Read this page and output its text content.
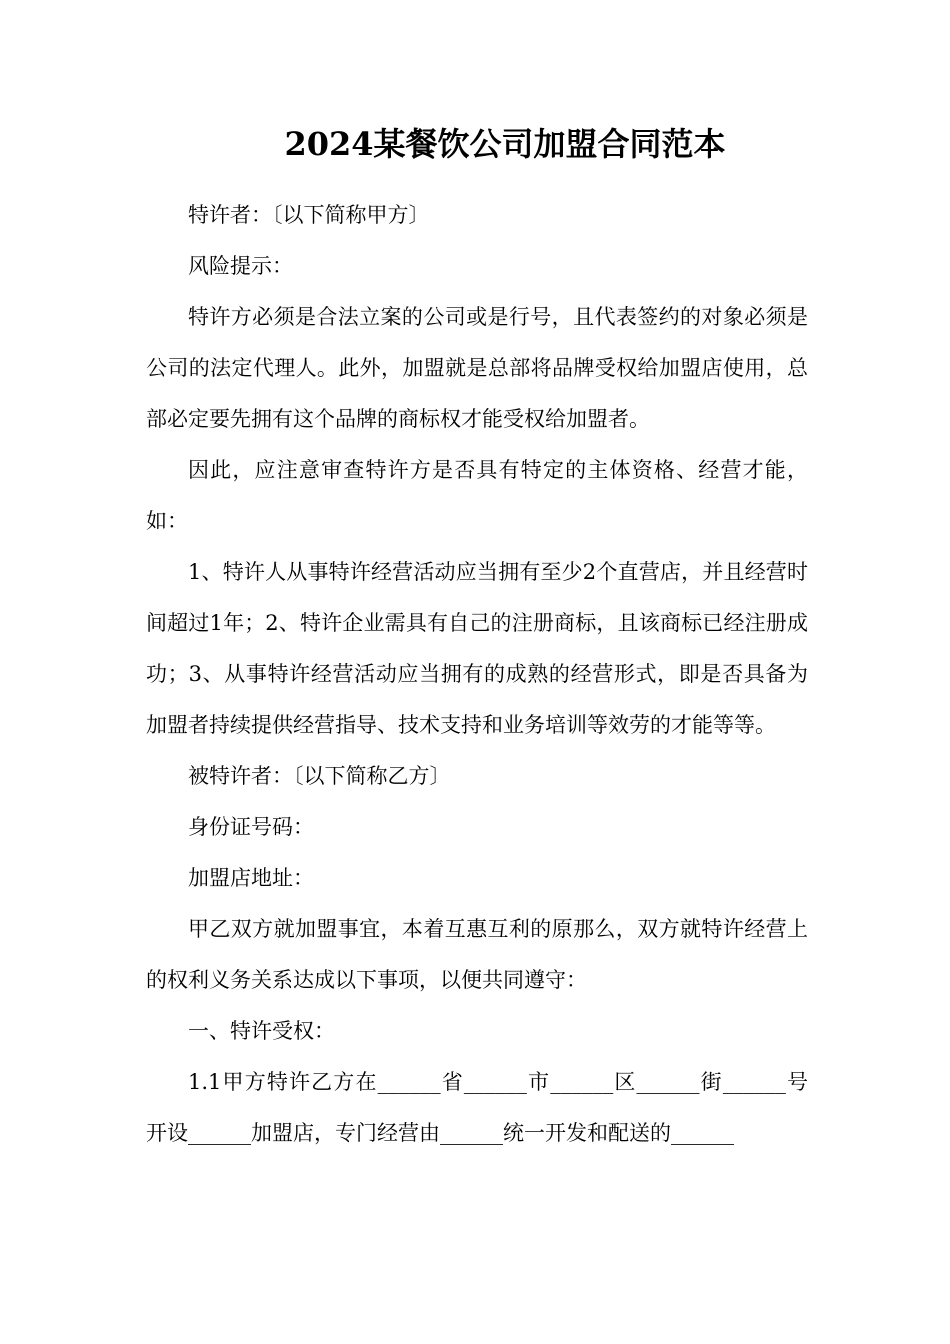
2024某餐饮公司加盟合同范本

特许者：〔以下简称甲方〕

风险提示：

特许方必须是合法立案的公司或是行号，且代表签约的对象必须是公司的法定代理人。此外，加盟就是总部将品牌受权给加盟店使用，总部必定要先拥有这个品牌的商标权才能受权给加盟者。

因此，应注意审查特许方是否具有特定的主体资格、经营才能，如：

1、特许人从事特许经营活动应当拥有至少2个直营店，并且经营时间超过1年；2、特许企业需具有自己的注册商标，且该商标已经注册成功；3、从事特许经营活动应当拥有的成熟的经营形式，即是否具备为加盟者持续提供经营指导、技术支持和业务培训等效劳的才能等等。

被特许者：〔以下简称乙方〕

身份证号码：

加盟店地址：

甲乙双方就加盟事宜，本着互惠互利的原那么，双方就特许经营上的权利义务关系达成以下事项，以便共同遵守：

一、特许受权：

1.1甲方特许乙方在______省______市______区______街______号开设______加盟店，专门经营由______统一开发和配送的______
